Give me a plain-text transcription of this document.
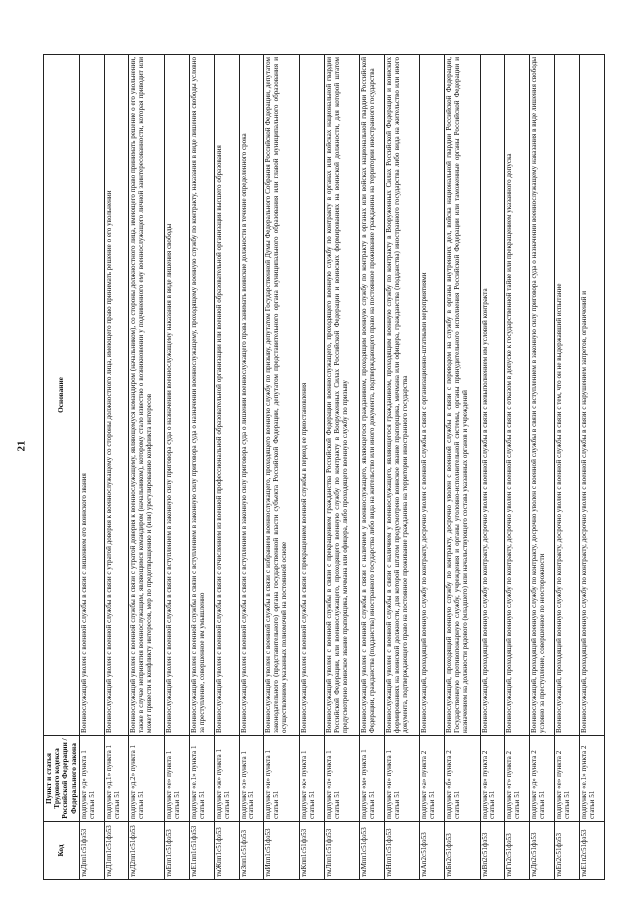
21
Код	Пункт и статья Трудового кодекса Российской Федерации / Федерального закона	Основание
тмДпп1с51фз53	подпункт «д» пункта 1 статьи 51	Военнослужащий уволен с военной службы в связи с лишением его воинского звания
тмД1пп1с51фз53	подпункт «д.1» пункта 1 статьи 51	Военнослужащий уволен с военной службы в связи с утратой доверия к военнослужащему со стороны должностного лица, имеющего право принимать решение о его увольнении
тмД2пп1с51фз53	подпункт «д.2» пункта 1 статьи 51	Военнослужащий уволен с военной службы в связи с утратой доверия к военнослужащему, являющемуся командиром (начальником), со стороны должностного лица, имеющего право принимать решение о его увольнении, также в случае непринятия военнослужащим, являющимся командиром (начальником), которому стало известно о возникновении у подчиненного ему военнослужащего личной заинтересованности, которая приводит или может привести к конфликту интересов, мер по предотвращению и (или) урегулированию конфликта интересов
тмЕпп1с51фз53	подпункт «е» пункта 1 статьи 51	Военнослужащий уволен с военной службы в связи с вступлением в законную силу приговора суда о назначении военнослужащему наказания в виде лишения свободы
тмЕ1пп1с51фз53	подпункт «е.1» пункта 1 статьи 51	Военнослужащий уволен с военной службы в связи с вступлением в законную силу приговора суда о назначении военнослужащему, проходящему военную службу по контракту, наказания в виде лишения свободы условно за преступление, совершенное им умышленно
тмЖпп1с51фз53	подпункт «ж» пункта 1 статьи 51	Военнослужащий уволен с военной службы в связи с отчислением из военной профессиональной образовательной организации или военной образовательной организации высшего образования
тмЗпп1с51фз53	подпункт «з» пункта 1 статьи 51	Военнослужащий уволен с военной службы в связи с вступлением в законную силу приговора суда о лишении военнослужащего права занимать воинские должности в течение определенного срока
тмИпп1с51фз53	подпункт «и» пункта 1 статьи 51	Военнослужащий уволен с военной службы в связи с избранием военнослужащего, проходящего военную службу по призыву, депутатом Государственной Думы Федерального Собрания Российской Федерации, депутатом законодательного (представительного) органа государственной власти субъекта Российской Федерации, депутатом представительного органа муниципального образования или главой муниципального образования и осуществлением указанных полномочий на постоянной основе
тмКпп1с51фз53	подпункт «к» пункта 1 статьи 51	Военнослужащий уволен с военной службы в связи с прекращением военной службы в период ее приостановления
тмЛпп1с51фз53	подпункт «л» пункта 1 статьи 51	Военнослужащий уволен с военной службы в связи с прекращением гражданства Российской Федерации военнослужащего, проходящего военную службу по контракту в органах или войсках национальной гвардии Российской Федерации, или военнослужащего, проходящего военную службу по контракту в Вооруженных Силах Российской Федерации и воинских формированиях на воинской должности, для которой штатом предусмотрено воинское звание прапорщика, мичмана или офицера, либо проходящего военную службу по призыву
тмМпп1с51фз53	подпункт «м» пункта 1 статьи 51	Военнослужащий уволен с военной службы в связи с наличием у военнослужащего, являющегося гражданином, проходящим военную службу по контракту в органах или войсках национальной гвардии Российской Федерации, гражданства (подданства) иностранного государства либо вида на жительство или иного документа, подтверждающего право на постоянное проживание гражданина на территории иностранного государства
тмНпп1с51фз53	подпункт «н» пункта 1 статьи 51	Военнослужащий уволен с военной службы в связи с наличием у военнослужащего, являющегося гражданином, проходящим военную службу по контракту в Вооруженных Силах Российской Федерации и воинских формированиях на воинской должности, для которой штатом предусмотрено воинское звание прапорщика, мичмана или офицера, гражданства (подданства) иностранного государства либо вида на жительство или иного документа, подтверждающего право на постоянное проживание гражданина на территории иностранного государства
тмАп2с51фз53	подпункт «а» пункта 2 статьи 51	Военнослужащий, проходящий военную службу по контракту, досрочно уволен с военной службы в связи с организационно-штатными мероприятиями
тмБп2с51фз53	подпункт «б» пункта 2 статьи 51	Военнослужащий, проходящий военную службу по контракту, досрочно уволен с военной службы в связи с переводом на службу в органы внутренних дел, войска национальной гвардии Российской Федерации, Государственную противопожарную службу, учреждения и органы уголовно-исполнительной системы, органы принудительного исполнения Российской Федерации или таможенные органы Российской Федерации и назначением на должности рядового (младшего) или начальствующего состава указанных органов и учреждений
тмВп2с51фз53	подпункт «в» пункта 2 статьи 51	Военнослужащий, проходящий военную службу по контракту, досрочно уволен с военной службы в связи с невыполнением им условий контракта
тмГп2с51фз53	подпункт «г» пункта 2 статьи 51	Военнослужащий, проходящий военную службу по контракту, досрочно уволен с военной службы в связи с отказом в допуске к государственной тайне или прекращением указанного допуска
тмДп2с51фз53	подпункт «д» пункта 2 статьи 51	Военнослужащий, проходящий военную службу по контракту, досрочно уволен с военной службы в связи с вступлением в законную силу приговора суда о назначении военнослужащему наказания в виде лишения свободы условно за преступление, совершенное по неосторожности
тмЕп2с51фз53	подпункт «е» пункта 2 статьи 51	Военнослужащий, проходящий военную службу по контракту, досрочно уволен с военной службы в связи с тем, что он не выдержавший испытание
тмЕ1п2с51фз53	подпункт «е.1» пункта 2 статьи 51	Военнослужащий, проходящий военную службу по контракту, досрочно уволен с военной службы в связи с нарушением запретов, ограничений и
